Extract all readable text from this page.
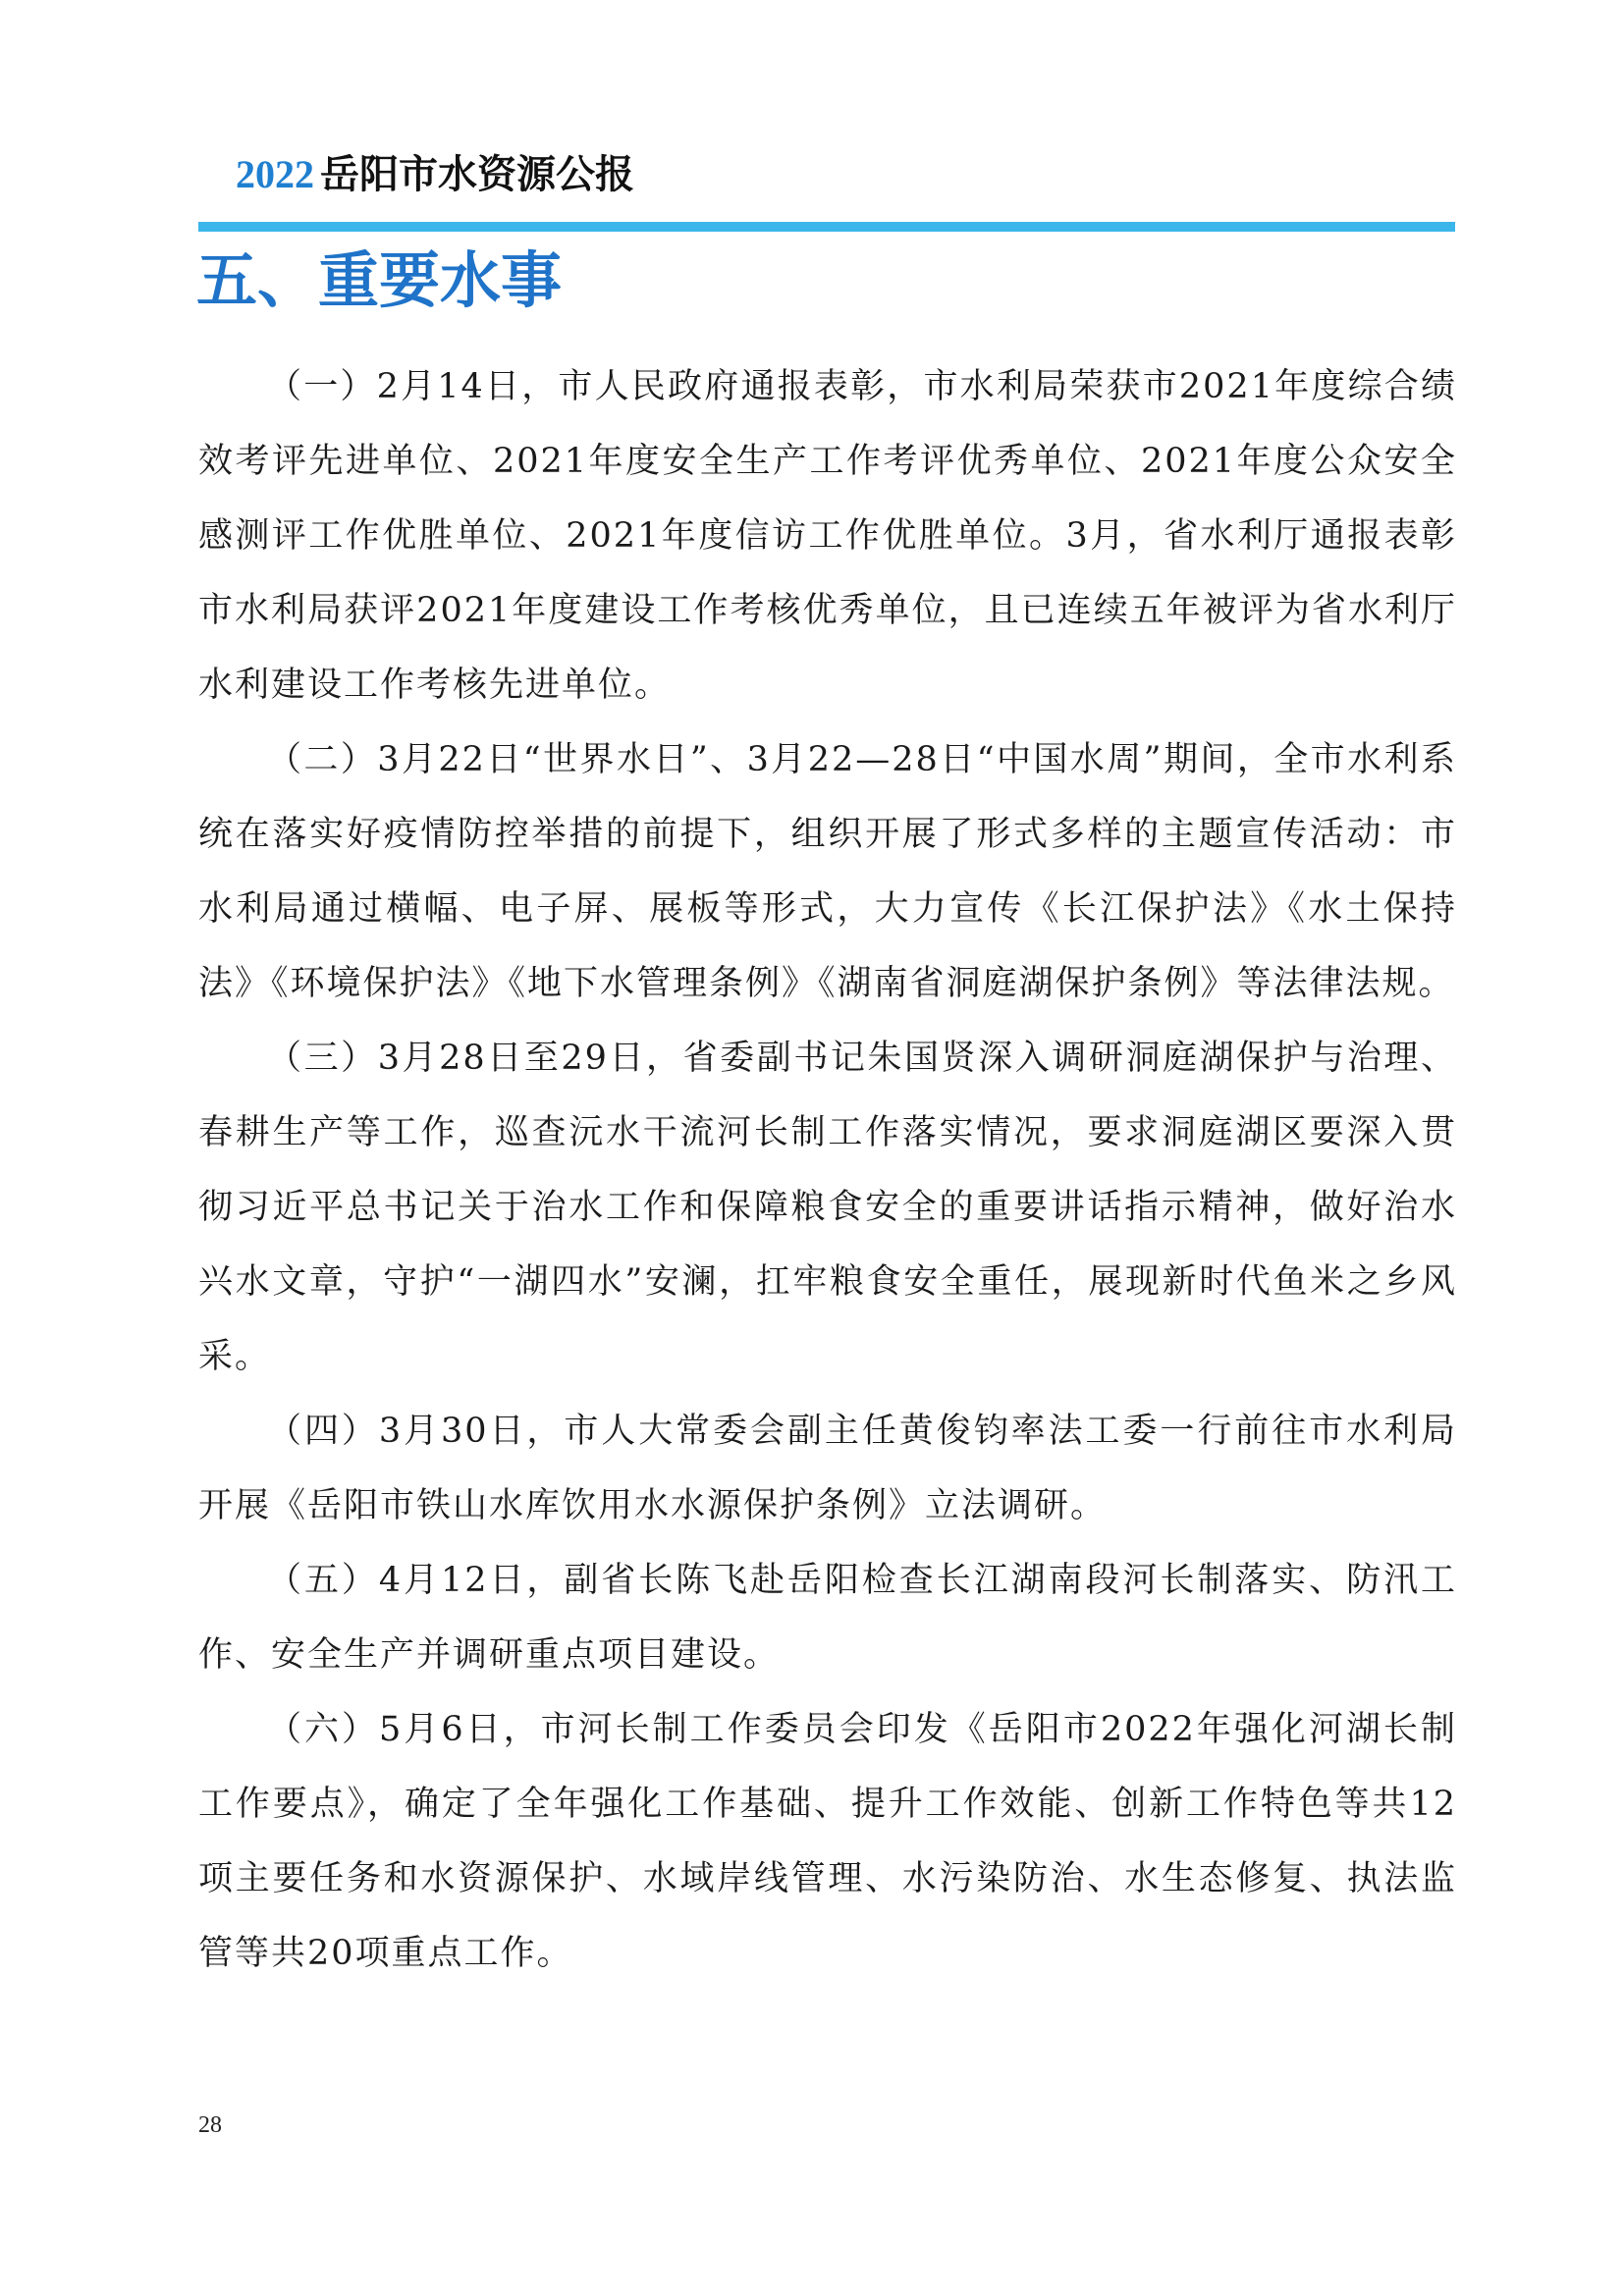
2022 岳阳市水资源公报
五、重要水事

（一）2月14日，市人民政府通报表彰，市水利局荣获市2021年度综合绩效考评先进单位、2021年度安全生产工作考评优秀单位、2021年度公众安全感测评工作优胜单位、2021年度信访工作优胜单位。3月，省水利厅通报表彰市水利局获评2021年度建设工作考核优秀单位，且已连续五年被评为省水利厅水利建设工作考核先进单位。

（二）3月22日“世界水日”、3月22—28日“中国水周”期间，全市水利系统在落实好疫情防控举措的前提下，组织开展了形式多样的主题宣传活动：市水利局通过横幅、电子屏、展板等形式，大力宣传《长江保护法》《水土保持法》《环境保护法》《地下水管理条例》《湖南省洞庭湖保护条例》等法律法规。

（三）3月28日至29日，省委副书记朱国贤深入调研洞庭湖保护与治理、春耕生产等工作，巡查沅水干流河长制工作落实情况，要求洞庭湖区要深入贯彻习近平总书记关于治水工作和保障粮食安全的重要讲话指示精神，做好治水兴水文章，守护“一湖四水”安澜，扛牢粮食安全重任，展现新时代鱼米之乡风采。

（四）3月30日，市人大常委会副主任黄俊钧率法工委一行前往市水利局开展《岳阳市铁山水库饮用水水源保护条例》立法调研。

（五）4月12日，副省长陈飞赴岳阳检查长江湖南段河长制落实、防汛工作、安全生产并调研重点项目建设。

（六）5月6日，市河长制工作委员会印发《岳阳市2022年强化河湖长制工作要点》，确定了全年强化工作基础、提升工作效能、创新工作特色等共12项主要任务和水资源保护、水域岸线管理、水污染防治、水生态修复、执法监管等共20项重点工作。

28
